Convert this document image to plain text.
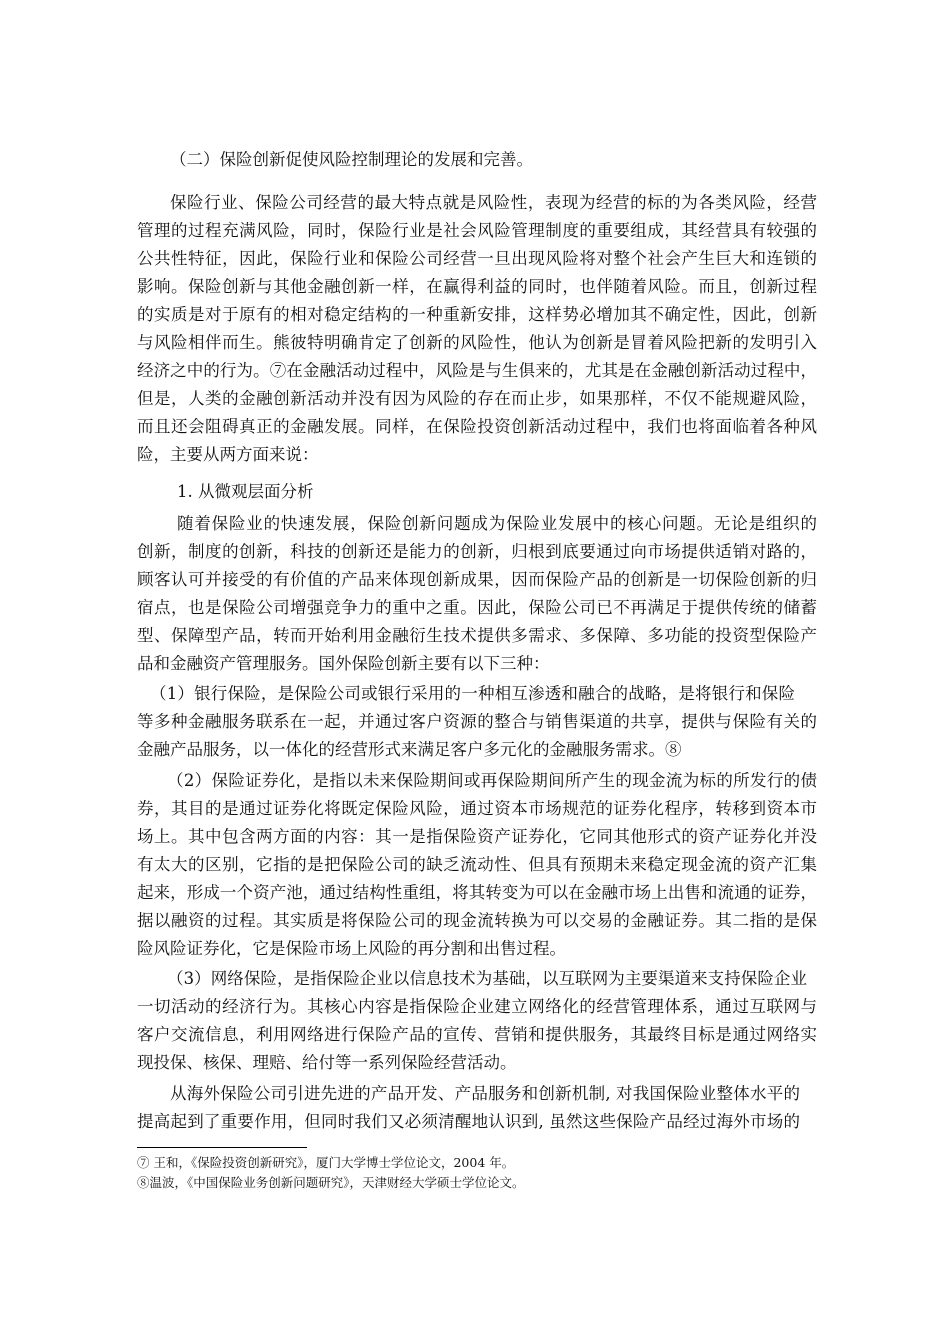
（二）保险创新促使风险控制理论的发展和完善。
保险行业、保险公司经营的最大特点就是风险性，表现为经营的标的为各类风险，经营
管理的过程充满风险，同时，保险行业是社会风险管理制度的重要组成，其经营具有较强的
公共性特征，因此，保险行业和保险公司经营一旦出现风险将对整个社会产生巨大和连锁的
影响。保险创新与其他金融创新一样，在赢得利益的同时，也伴随着风险。而且，创新过程
的实质是对于原有的相对稳定结构的一种重新安排，这样势必增加其不确定性，因此，创新
与风险相伴而生。熊彼特明确肯定了创新的风险性，他认为创新是冒着风险把新的发明引入
经济之中的行为。⑦在金融活动过程中，风险是与生俱来的，尤其是在金融创新活动过程中，
但是，人类的金融创新活动并没有因为风险的存在而止步，如果那样，不仅不能规避风险，
而且还会阻碍真正的金融发展。同样，在保险投资创新活动过程中，我们也将面临着各种风
险，主要从两方面来说：
1. 从微观层面分析
随着保险业的快速发展，保险创新问题成为保险业发展中的核心问题。无论是组织的
创新，制度的创新，科技的创新还是能力的创新，归根到底要通过向市场提供适销对路的，
顾客认可并接受的有价值的产品来体现创新成果，因而保险产品的创新是一切保险创新的归
宿点，也是保险公司增强竞争力的重中之重。因此，保险公司已不再满足于提供传统的储蓄
型、保障型产品，转而开始利用金融衍生技术提供多需求、多保障、多功能的投资型保险产
品和金融资产管理服务。国外保险创新主要有以下三种：
（1）银行保险，是保险公司或银行采用的一种相互渗透和融合的战略，是将银行和保险
等多种金融服务联系在一起，并通过客户资源的整合与销售渠道的共享，提供与保险有关的
金融产品服务，以一体化的经营形式来满足客户多元化的金融服务需求。⑧
（2）保险证券化，是指以未来保险期间或再保险期间所产生的现金流为标的所发行的债
券，其目的是通过证券化将既定保险风险，通过资本市场规范的证券化程序，转移到资本市
场上。其中包含两方面的内容：其一是指保险资产证券化，它同其他形式的资产证券化并没
有太大的区别，它指的是把保险公司的缺乏流动性、但具有预期未来稳定现金流的资产汇集
起来，形成一个资产池，通过结构性重组，将其转变为可以在金融市场上出售和流通的证券，
据以融资的过程。其实质是将保险公司的现金流转换为可以交易的金融证券。其二指的是保
险风险证券化，它是保险市场上风险的再分割和出售过程。
（3）网络保险，是指保险企业以信息技术为基础，以互联网为主要渠道来支持保险企业
一切活动的经济行为。其核心内容是指保险企业建立网络化的经营管理体系，通过互联网与
客户交流信息，利用网络进行保险产品的宣传、营销和提供服务，其最终目标是通过网络实
现投保、核保、理赔、给付等一系列保险经营活动。
从海外保险公司引进先进的产品开发、产品服务和创新机制, 对我国保险业整体水平的
提高起到了重要作用，但同时我们又必须清醒地认识到, 虽然这些保险产品经过海外市场的
⑦ 王和，《保险投资创新研究》，厦门大学博士学位论文，2004 年。
⑧温波，《中国保险业务创新问题研究》，天津财经大学硕士学位论文。
